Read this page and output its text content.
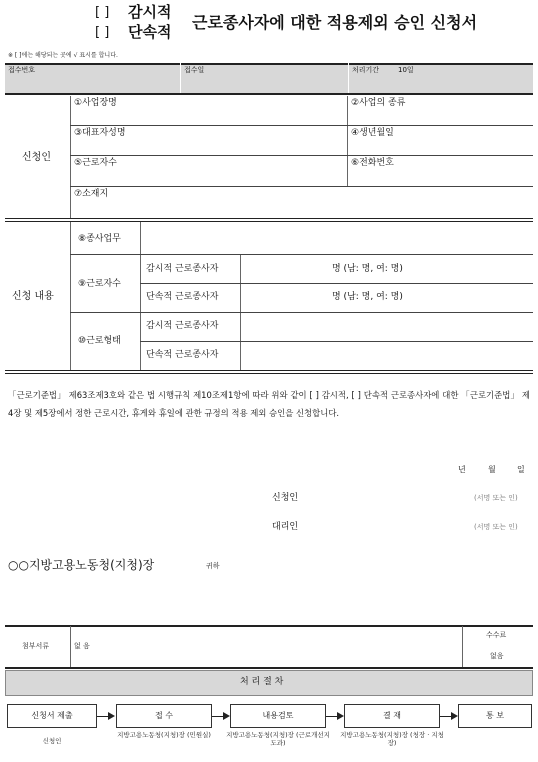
[ ] 감시적
[ ] 단속적 근로종사자에 대한 적용제외 승인 신청서
※ [ ]에는 해당되는 곳에 √ 표시를 합니다.
접수번호	접수일	처리기간	10일
신청인
①사업장명	②사업의 종류
③대표자성명	④생년월일
⑤근로자수	⑥전화번호
⑦소재지
신청 내용
⑧종사업무
⑨근로자수
감시적 근로종사자	명 (남: 명, 여: 명)
단속적 근로종사자	명 (남: 명, 여: 명)
⑩근로형태
감시적 근로종사자
단속적 근로종사자
「근로기준법」 제63조제3호와 같은 법 시행규칙 제10조제1항에 따라 위와 같이 [ ] 감시적, [ ] 단속적 근로종사자에 대한 「근로기준법」 제4장 및 제5장에서 정한 근로시간, 휴게와 휴일에 관한 규정의 적용 제외 승인을 신청합니다.
년	월	일
신청인	(서명 또는 인)
대리인	(서명 또는 인)
○○지방고용노동청(지청)장	귀하
첨부서류	없 음
수수료
없음
처 리 절 차
신청서 제출	접 수	내용검토	결 재	통 보
신청인
지방고용노동청(지청)장 (민원실)	지방고용노동청(지청)장 (근로개선지도과)
지방고용노동청(지청)장 (청장 · 지청장)
